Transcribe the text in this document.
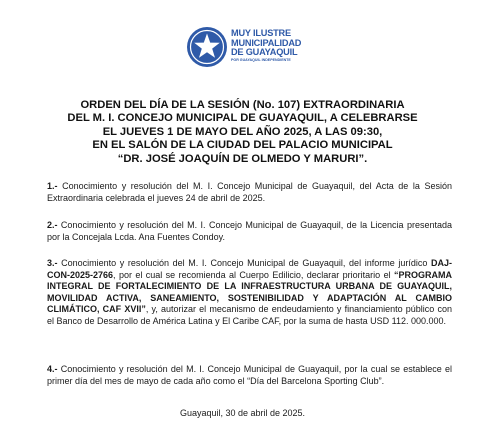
MUY ILUSTRE
MUNICIPALIDAD
DE GUAYAQUIL
POR GUAYAQUIL INDEPENDIENTE
ORDEN DEL DÍA DE LA SESIÓN (No. 107) EXTRAORDINARIA
DEL M. I. CONCEJO MUNICIPAL DE GUAYAQUIL, A CELEBRARSE
EL JUEVES 1 DE MAYO DEL AÑO 2025, A LAS 09:30,
EN EL SALÓN DE LA CIUDAD DEL PALACIO MUNICIPAL
“DR. JOSÉ JOAQUÍN DE OLMEDO Y MARURI”.

1.- Conocimiento y resolución del M. I. Concejo Municipal de Guayaquil, del Acta de la Sesión Extraordinaria celebrada el jueves 24 de abril de 2025.

2.- Conocimiento y resolución del M. I. Concejo Municipal de Guayaquil, de la Licencia presentada por la Concejala Lcda. Ana Fuentes Condoy.

3.- Conocimiento y resolución del M. I. Concejo Municipal de Guayaquil, del informe jurídico DAJ-CON-2025-2766, por el cual se recomienda al Cuerpo Edilicio, declarar prioritario el “PROGRAMA INTEGRAL DE FORTALECIMIENTO DE LA INFRAESTRUCTURA URBANA DE GUAYAQUIL, MOVILIDAD ACTIVA, SANEAMIENTO, SOSTENIBILIDAD Y ADAPTACIÓN AL CAMBIO CLIMÁTICO, CAF XVII”, y, autorizar el mecanismo de endeudamiento y financiamiento público con el Banco de Desarrollo de América Latina y El Caribe CAF, por la suma de hasta USD 112. 000.000.

4.- Conocimiento y resolución del M. I. Concejo Municipal de Guayaquil, por la cual se establece el primer día del mes de mayo de cada año como el “Día del Barcelona Sporting Club”.

Guayaquil, 30 de abril de 2025.
